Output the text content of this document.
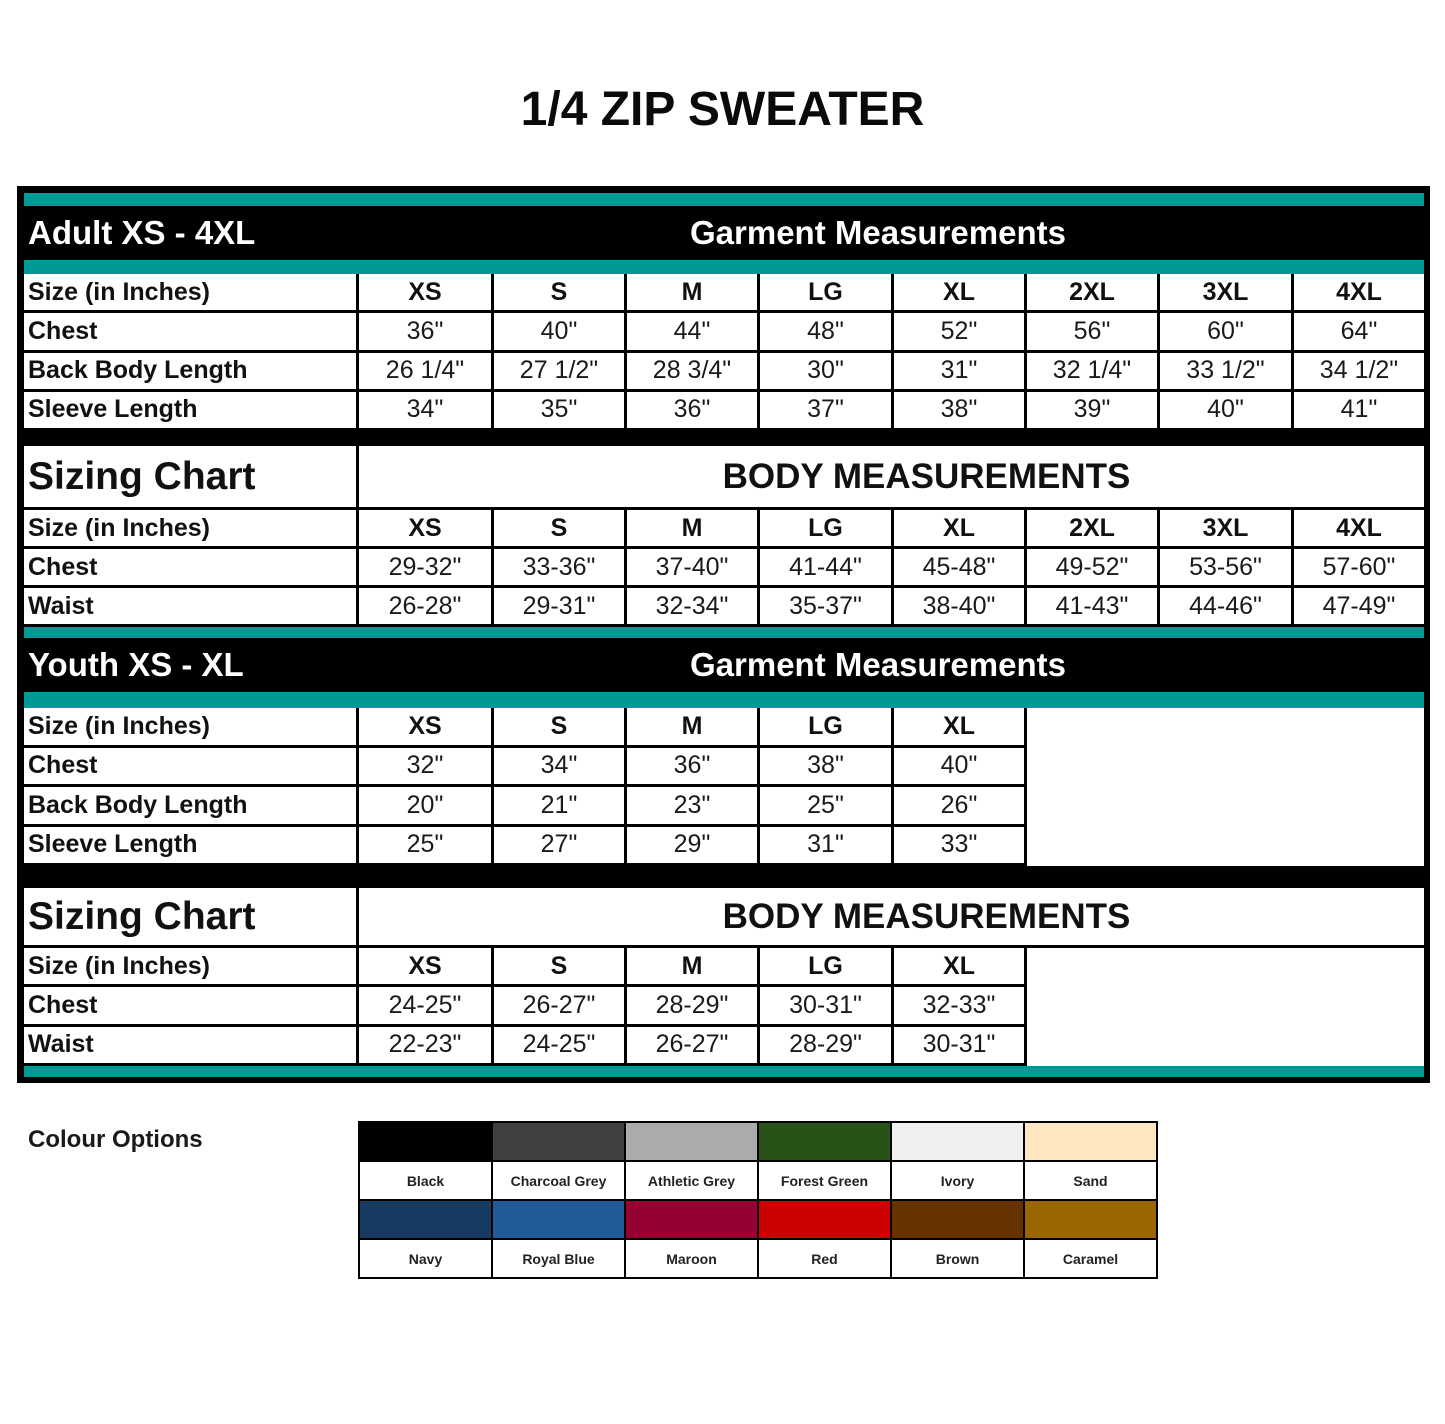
1/4 ZIP SWEATER
Adult XS - 4XL	Garment Measurements
Size (in Inches)	XS	S	M	LG	XL	2XL	3XL	4XL
Chest	36"	40"	44"	48"	52"	56"	60"	64"
Back Body Length	26 1/4"	27 1/2"	28 3/4"	30"	31"	32 1/4"	33 1/2"	34 1/2"
Sleeve Length	34"	35"	36"	37"	38"	39"	40"	41"
Sizing Chart	BODY MEASUREMENTS
Size (in Inches)	XS	S	M	LG	XL	2XL	3XL	4XL
Chest	29-32"	33-36"	37-40"	41-44"	45-48"	49-52"	53-56"	57-60"
Waist	26-28"	29-31"	32-34"	35-37"	38-40"	41-43"	44-46"	47-49"
Youth XS - XL	Garment Measurements
Size (in Inches)	XS	S	M	LG	XL
Chest	32"	34"	36"	38"	40"
Back Body Length	20"	21"	23"	25"	26"
Sleeve Length	25"	27"	29"	31"	33"
Sizing Chart	BODY MEASUREMENTS
Size (in Inches)	XS	S	M	LG	XL
Chest	24-25"	26-27"	28-29"	30-31"	32-33"
Waist	22-23"	24-25"	26-27"	28-29"	30-31"
Colour Options

Black	Charcoal Grey	Athletic Grey	Forest Green	Ivory	Sand

Navy	Royal Blue	Maroon	Red	Brown	Caramel
